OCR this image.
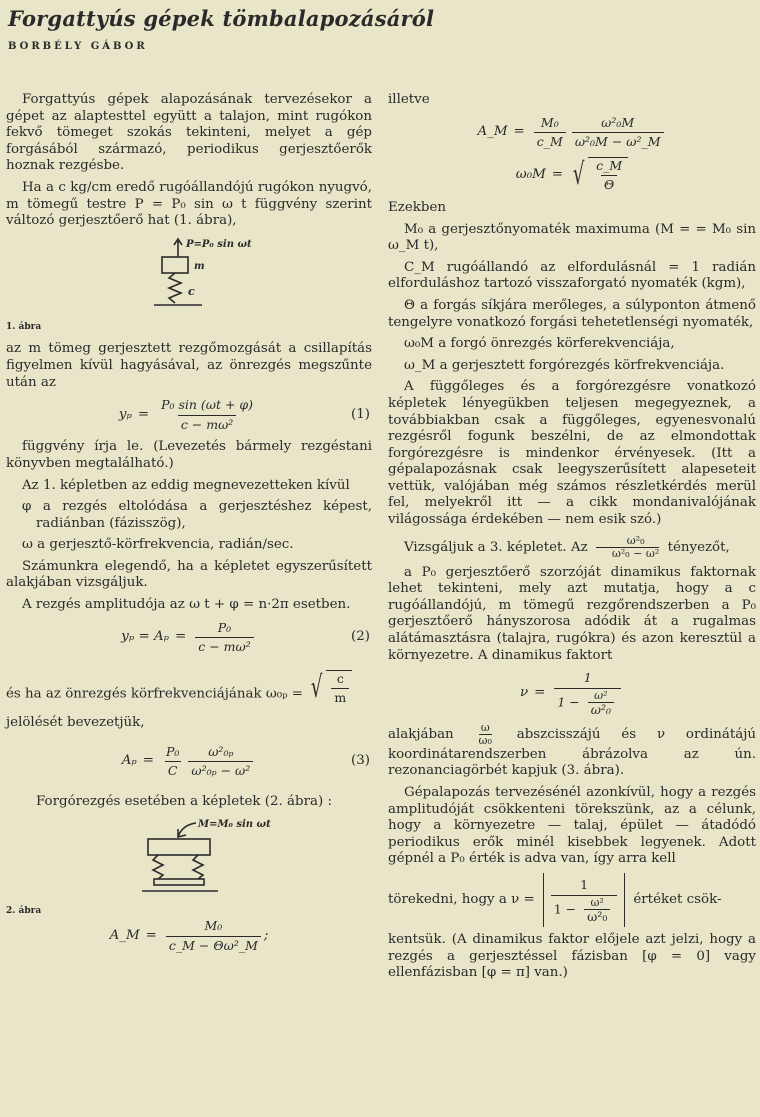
Forgattyús gépek tömbalapozásáról
BORBÉLY GÁBOR

Forgattyús gépek alapozásának tervezésekor a gépet az alaptesttel együtt a talajon, mint rugókon fekvő tömeget szokás tekinteni, melyet a gép forgásából származó, periodikus gerjesztőerők hoznak rezgésbe.

Ha a c kg/cm eredő rugóállandójú rugókon nyugvó, m tömegű testre P = P₀ sin ω t függvény szerint változó gerjesztőerő hat (1. ábra),

P=P₀ sin ωt
m
c
1. ábra

az m tömeg gerjesztett rezgőmozgását a csillapítás figyelmen kívül hagyásával, az önrezgés megszűnte után az

$y_p = \frac{\text{P₀ sin (ωt + φ)}}{\text{c − mω²}}$	(1)

függvény írja le. (Levezetés bármely rezgéstani könyvben megtalálható.)

Az 1. képletben az eddig megnevezetteken kívül

φ a rezgés eltolódása a gerjesztéshez képest, radiánban (fázisszög),

ω a gerjesztő-körfrekvencia, radián/sec.

Számunkra elegendő, ha a képletet egyszerűsített alakjában vizsgáljuk.

A rezgés amplitudója az ω t + φ = n·2π esetben.

$y_p = A_p = \frac{\text{P₀}}{\text{c − mω²}}$	(2)

és ha az önrezgés körfrekvenciájának ω₀ₚ = √ $\frac{c}{m}$

jelölését bevezetjük,

$A_p = \frac{\text{P₀}}{C} \frac{\text{ω²₀ₚ}}{\text{ω²₀ₚ − ω²}}$	(3)

Forgórezgés esetében a képletek (2. ábra) :

M=M₀ sin ωt
2. ábra
A_M = $\frac{\text{M₀}}{\text{c\_M − Θω²\_M}}$ ;

illetve

A_M = $\frac{\text{M₀}}{c\_M} \frac{\text{ω²₀M}}{\text{ω²₀M − ω²\_M}}$
ω₀M = √ $\frac{c\_M}{\Theta}$

Ezekben

M₀ a gerjesztőnyomaték maximuma (M = = M₀ sin ω_M t),

C_M rugóállandó az elfordulásnál = 1 radián elforduláshoz tartozó visszaforgató nyomaték (kgm),

Θ a forgás síkjára merőleges, a súlyponton átmenő tengelyre vonatkozó forgási tehetetlenségi nyomaték,

ω₀M a forgó önrezgés körferekvenciája,

ω_M a gerjesztett forgórezgés körfrekvenciája.

A függőleges és a forgórezgésre vonatkozó képletek lényegükben teljesen megegyeznek, a továbbiakban csak a függőleges, egyenesvonalú rezgésről fogunk beszélni, de az elmondottak forgórezgésre is mindenkor érvényesek. (Itt a gépalapozásnak csak leegyszerűsített alapeseteit vettük, valójában még számos részletkérdés merül fel, melyekről itt — a cikk mondanivalójának világossága érdekében — nem esik szó.)

Vizsgáljuk a 3. képletet. Az $\frac{\text{ω²₀}}{\text{ω²₀ − ω²}}$ tényezőt,

a P₀ gerjesztőerő szorzóját dinamikus faktornak lehet tekinteni, mely azt mutatja, hogy a c rugóállandójú, m tömegű rezgőrendszerben a P₀ gerjesztőerő hányszorosa adódik át a rugalmas alátámasztásra (talajra, rugókra) és azon keresztül a környezetre. A dinamikus faktort

$\nu = \frac{1}{1 - \frac{\text{ω²}}{\text{ω²₀}}}$

alakjában $\frac{\omega}{\text{ω₀}}$ abszcisszájú és ν ordinátájú koordinátarendszerben ábrázolva az ún. rezonanciagörbét kapjuk (3. ábra).

Gépalapozás tervezésénél azonkívül, hogy a rezgés amplitudóját csökkenteni törekszünk, az a célunk, hogy a környezetre — talaj, épület — átadódó periodikus erők minél kisebbek legyenek. Adott gépnél a P₀ érték is adva van, így arra kell

törekedni, hogy a $\nu = \frac{1}{1 - \frac{\text{ω²}}{\text{ω²₀}}}$ értéket csök-

kentsük. (A dinamikus faktor előjele azt jelzi, hogy a rezgés a gerjesztéssel fázisban [φ = 0] vagy ellenfázisban [φ = π] van.)
